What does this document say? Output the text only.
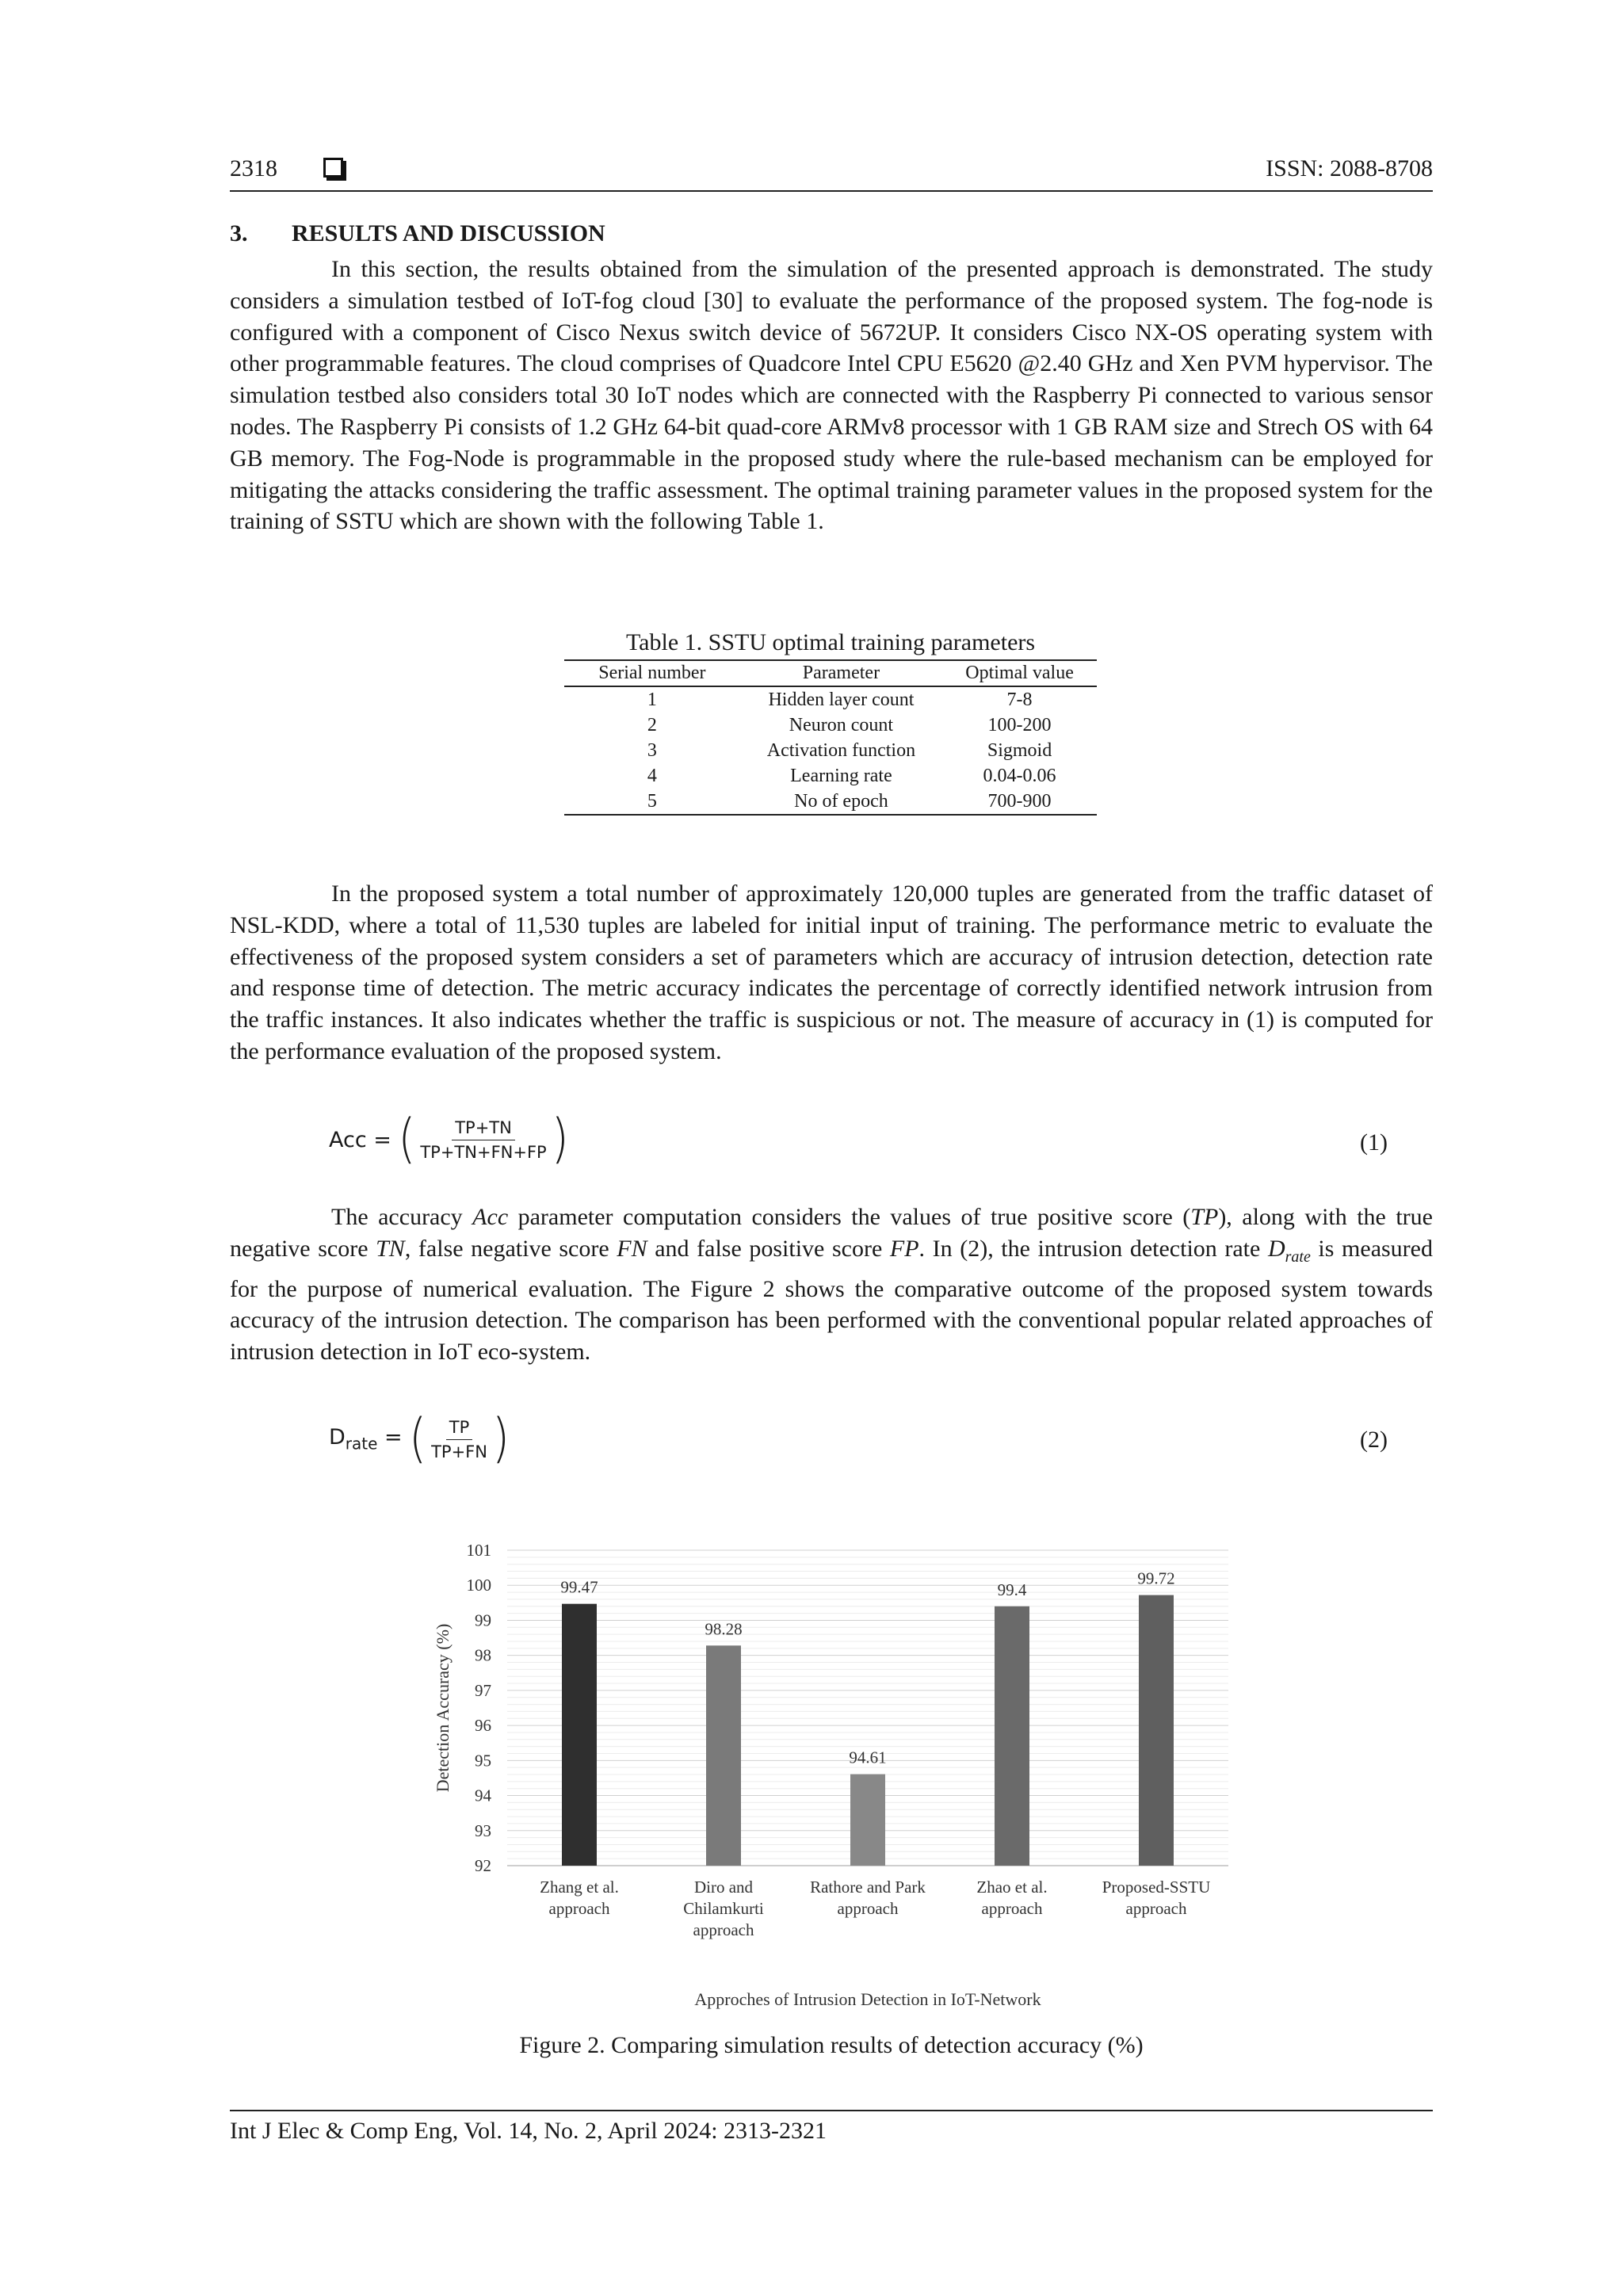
2318	ISSN: 2088-8708
3. RESULTS AND DISCUSSION

In this section, the results obtained from the simulation of the presented approach is demonstrated. The study considers a simulation testbed of IoT-fog cloud [30] to evaluate the performance of the proposed system. The fog-node is configured with a component of Cisco Nexus switch device of 5672UP. It considers Cisco NX-OS operating system with other programmable features. The cloud comprises of Quadcore Intel CPU E5620 @2.40 GHz and Xen PVM hypervisor. The simulation testbed also considers total 30 IoT nodes which are connected with the Raspberry Pi connected to various sensor nodes. The Raspberry Pi consists of 1.2 GHz 64-bit quad-core ARMv8 processor with 1 GB RAM size and Strech OS with 64 GB memory. The Fog-Node is programmable in the proposed study where the rule-based mechanism can be employed for mitigating the attacks considering the traffic assessment. The optimal training parameter values in the proposed system for the training of SSTU which are shown with the following Table 1.

Table 1. SSTU optimal training parameters
Serial number	Parameter	Optimal value
1	Hidden layer count	7-8
2	Neuron count	100-200
3	Activation function	Sigmoid
4	Learning rate	0.04-0.06
5	No of epoch	700-900

In the proposed system a total number of approximately 120,000 tuples are generated from the traffic dataset of NSL-KDD, where a total of 11,530 tuples are labeled for initial input of training. The performance metric to evaluate the effectiveness of the proposed system considers a set of parameters which are accuracy of intrusion detection, detection rate and response time of detection. The metric accuracy indicates the percentage of correctly identified network intrusion from the traffic instances. It also indicates whether the traffic is suspicious or not. The measure of accuracy in (1) is computed for the performance evaluation of the proposed system.

Acc = ( $\frac{TP+TN}{TP+TN+FN+FP}$ )	(1)

The accuracy Acc parameter computation considers the values of true positive score (TP), along with the true negative score TN, false negative score FN and false positive score FP. In (2), the intrusion detection rate $D_{rate}$ is measured for the purpose of numerical evaluation. The Figure 2 shows the comparative outcome of the proposed system towards accuracy of the intrusion detection. The comparison has been performed with the conventional popular related approaches of intrusion detection in IoT eco-system.

$D_{rate}$ = ( $\frac{TP}{TP+FN}$ )	(2)
92
93
94
95
96
97
98
99
100
101
99.47
Zhang et al. approach
98.28
Diro and Chilamkurti approach
94.61
Rathore and Park approach
99.4
Zhao et al. approach
99.72
Proposed-SSTU approach
Detection Accuracy (%)
Approches of Intrusion Detection in IoT-Network
Figure 2. Comparing simulation results of detection accuracy (%)
Int J Elec & Comp Eng, Vol. 14, No. 2, April 2024: 2313-2321
